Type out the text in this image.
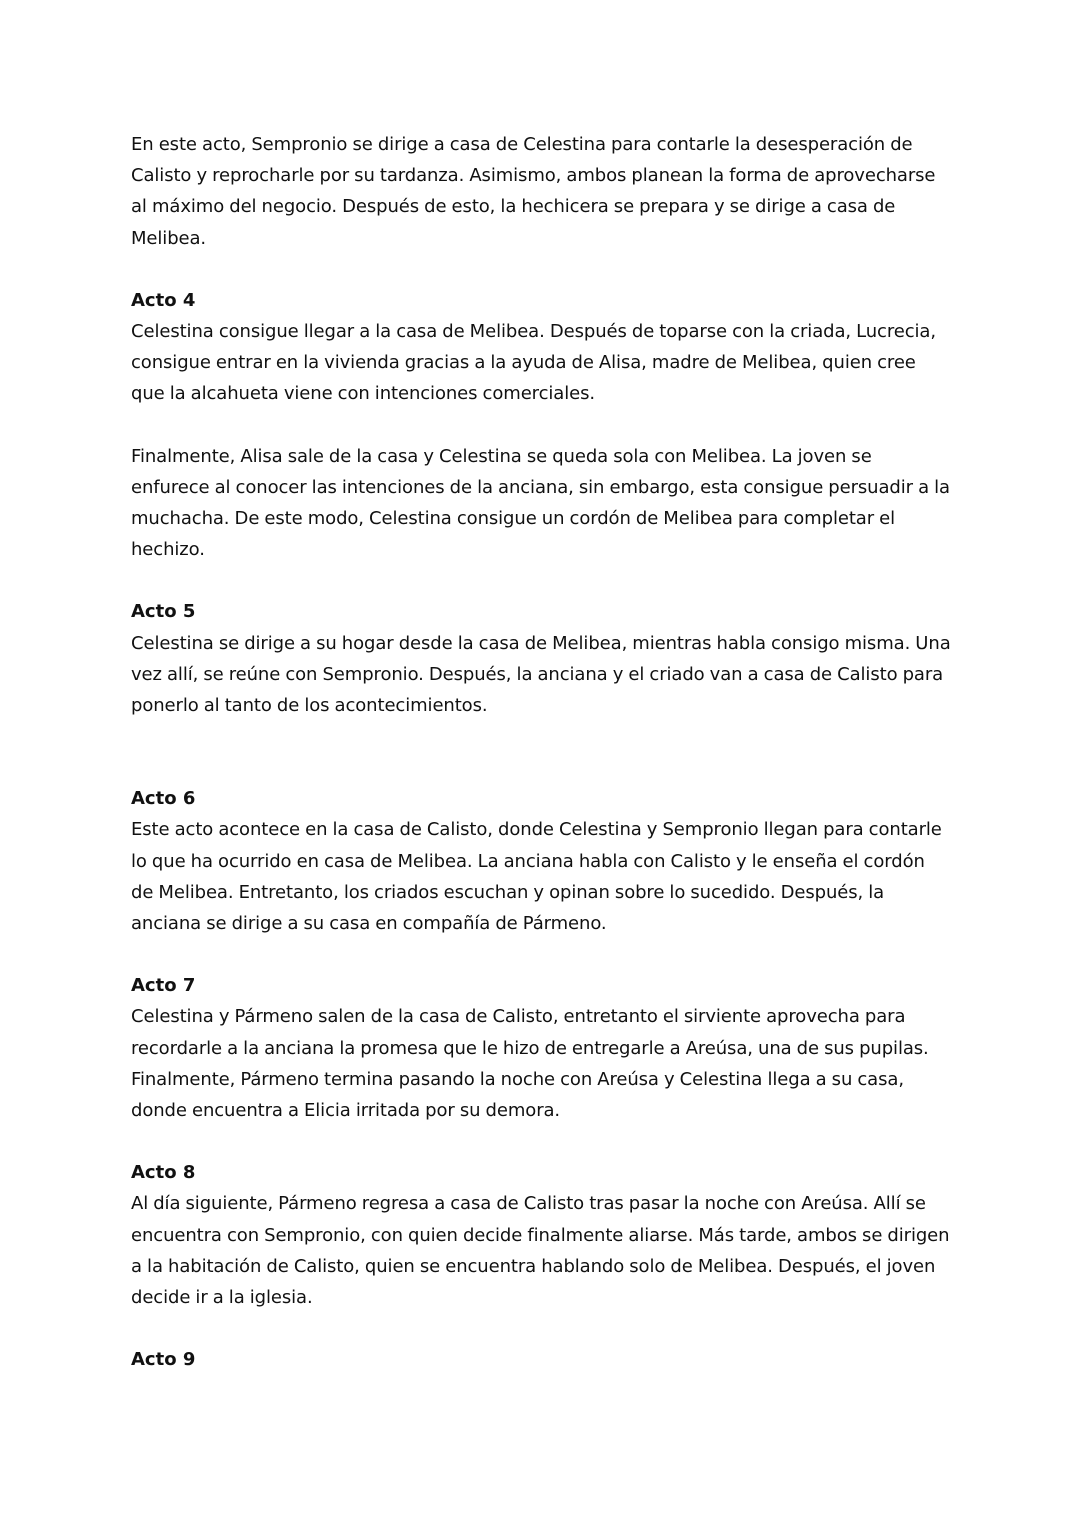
En este acto, Sempronio se dirige a casa de Celestina para contarle la desesperación de Calisto y reprocharle por su tardanza. Asimismo, ambos planean la forma de aprovecharse al máximo del negocio. Después de esto, la hechicera se prepara y se dirige a casa de Melibea.

Acto 4

Celestina consigue llegar a la casa de Melibea. Después de toparse con la criada, Lucrecia, consigue entrar en la vivienda gracias a la ayuda de Alisa, madre de Melibea, quien cree que la alcahueta viene con intenciones comerciales.

Finalmente, Alisa sale de la casa y Celestina se queda sola con Melibea. La joven se enfurece al conocer las intenciones de la anciana, sin embargo, esta consigue persuadir a la muchacha. De este modo, Celestina consigue un cordón de Melibea para completar el hechizo.

Acto 5

Celestina se dirige a su hogar desde la casa de Melibea, mientras habla consigo misma. Una vez allí, se reúne con Sempronio. Después, la anciana y el criado van a casa de Calisto para ponerlo al tanto de los acontecimientos.

Acto 6

Este acto acontece en la casa de Calisto, donde Celestina y Sempronio llegan para contarle lo que ha ocurrido en casa de Melibea. La anciana habla con Calisto y le enseña el cordón de Melibea. Entretanto, los criados escuchan y opinan sobre lo sucedido. Después, la anciana se dirige a su casa en compañía de Pármeno.

Acto 7

Celestina y Pármeno salen de la casa de Calisto, entretanto el sirviente aprovecha para recordarle a la anciana la promesa que le hizo de entregarle a Areúsa, una de sus pupilas. Finalmente, Pármeno termina pasando la noche con Areúsa y Celestina llega a su casa, donde encuentra a Elicia irritada por su demora.

Acto 8

Al día siguiente, Pármeno regresa a casa de Calisto tras pasar la noche con Areúsa. Allí se encuentra con Sempronio, con quien decide finalmente aliarse. Más tarde, ambos se dirigen a la habitación de Calisto, quien se encuentra hablando solo de Melibea. Después, el joven decide ir a la iglesia.

Acto 9
